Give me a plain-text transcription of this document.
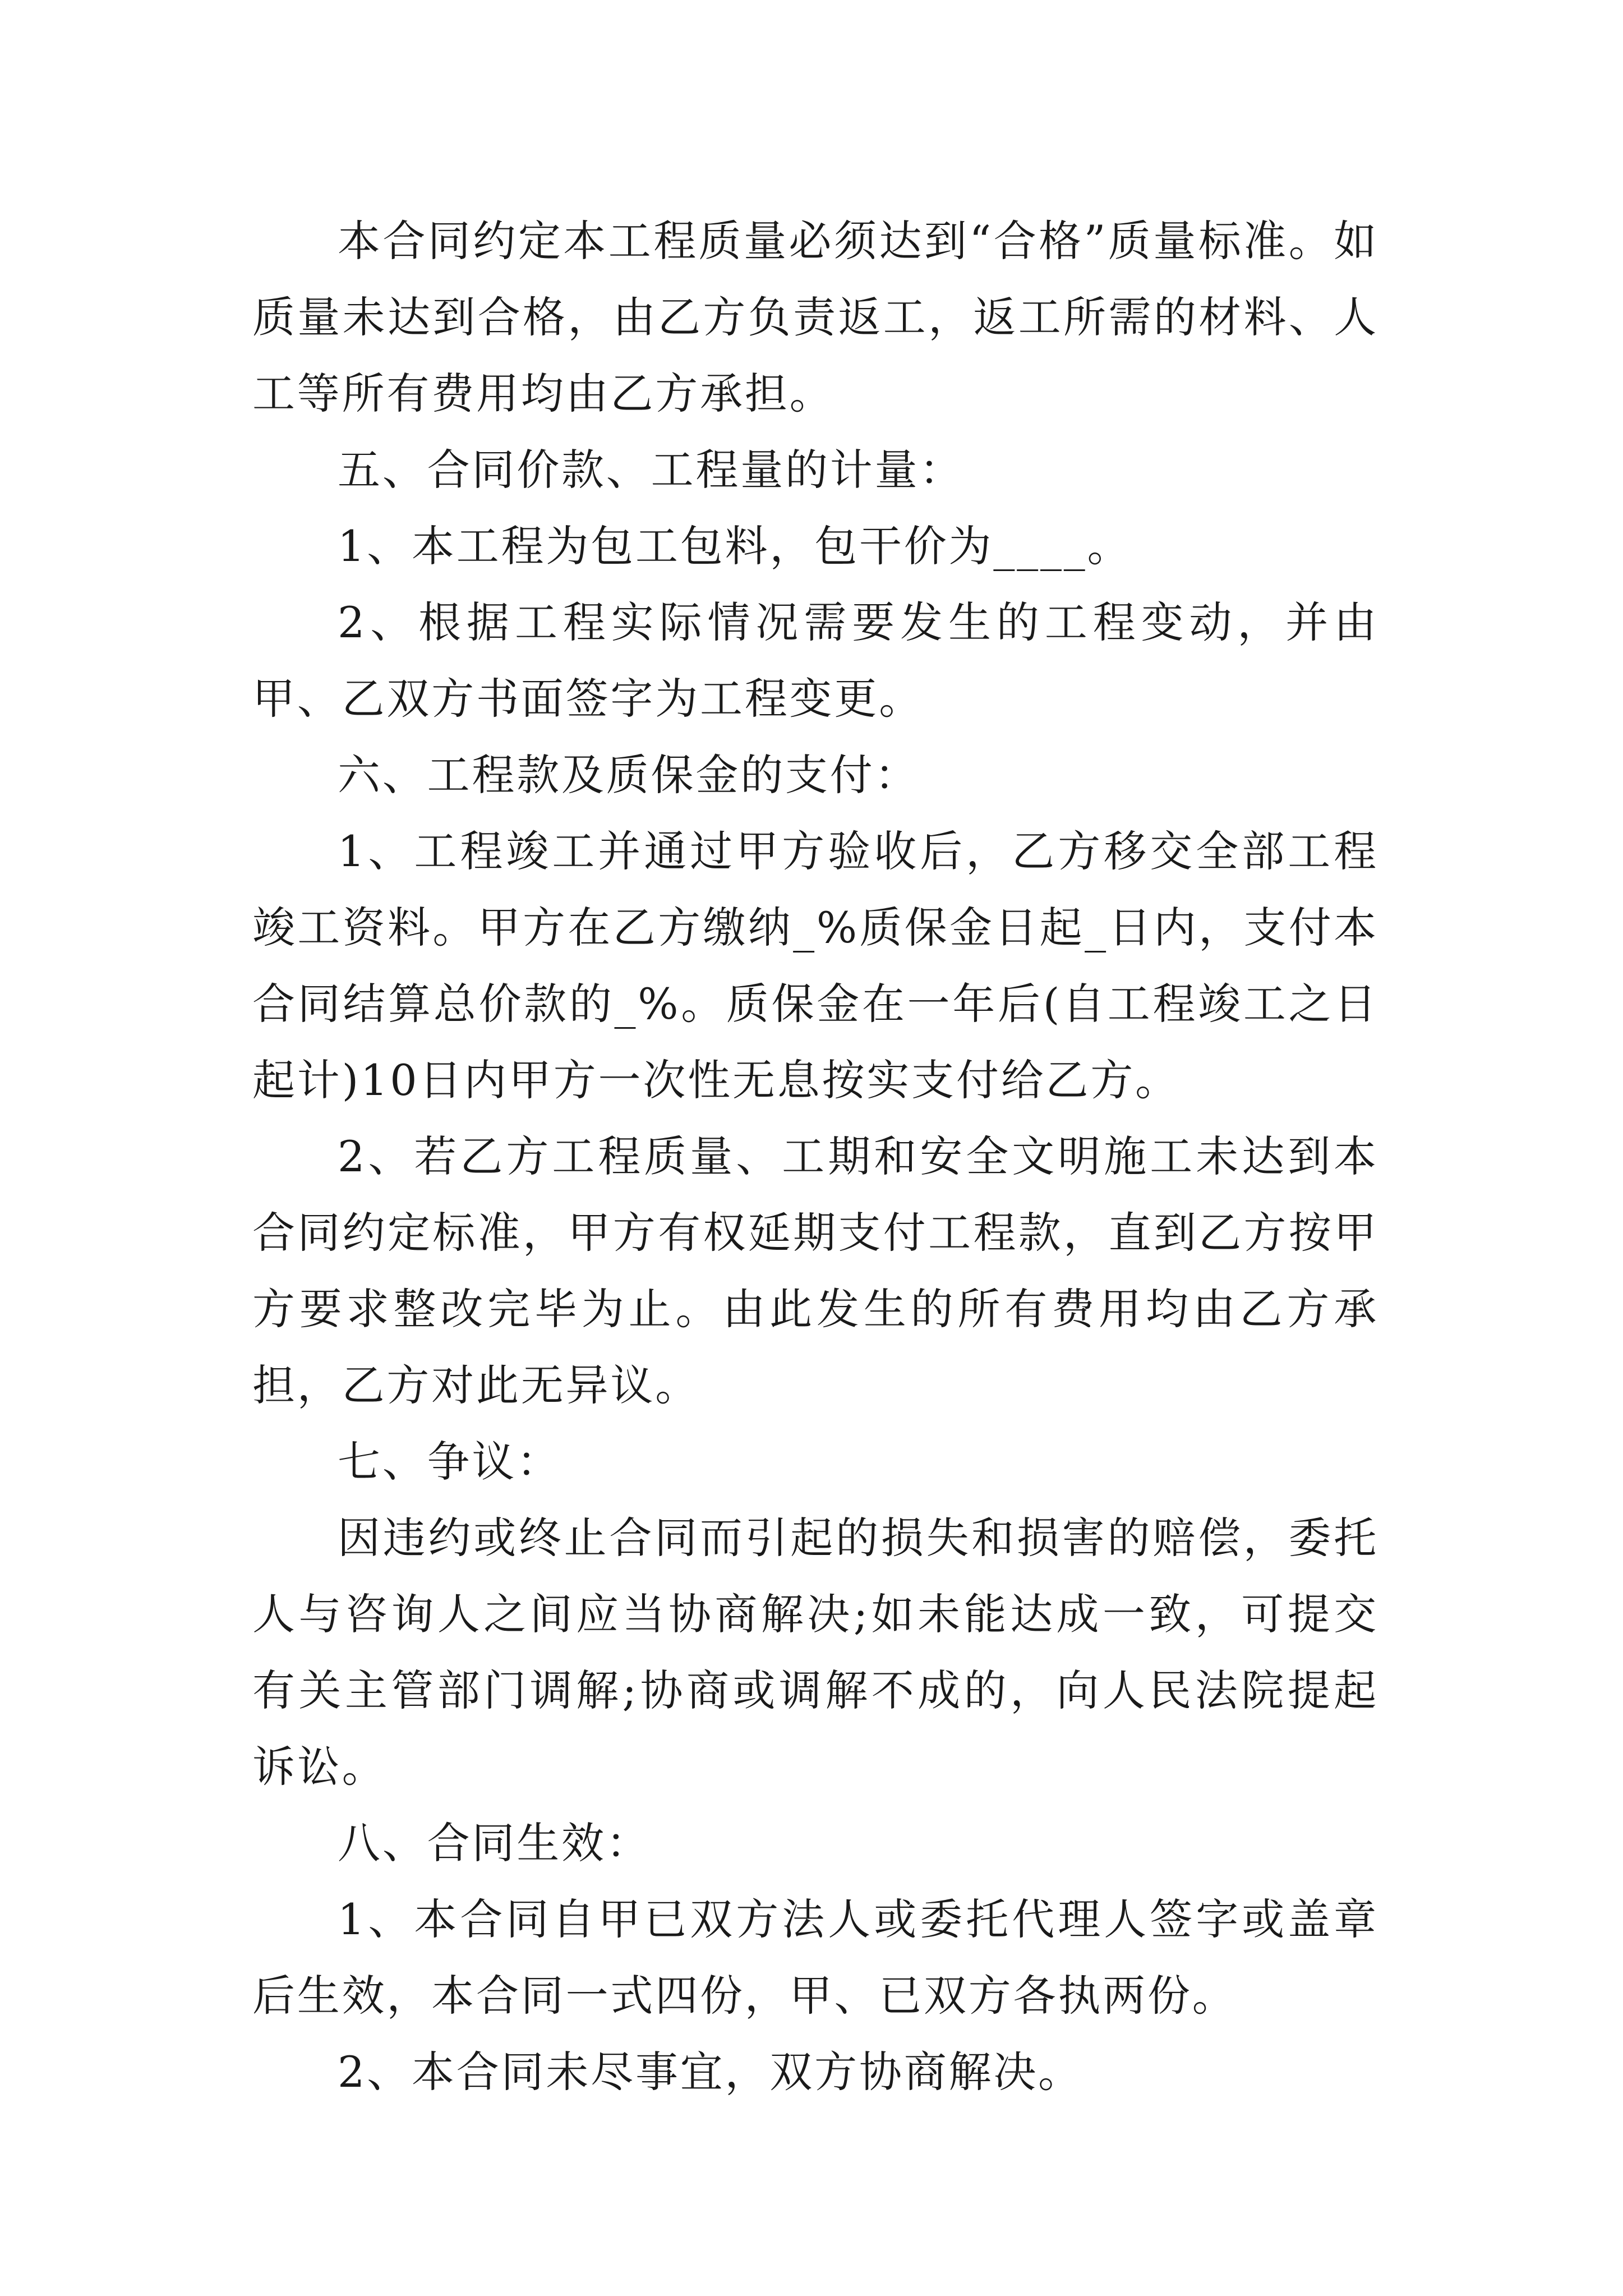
本合同约定本工程质量必须达到“合格”质量标准。如质量未达到合格，由乙方负责返工，返工所需的材料、人工等所有费用均由乙方承担。

五、合同价款、工程量的计量：

1、本工程为包工包料，包干价为____。

2、根据工程实际情况需要发生的工程变动，并由甲、乙双方书面签字为工程变更。

六、工程款及质保金的支付：

1、工程竣工并通过甲方验收后，乙方移交全部工程竣工资料。甲方在乙方缴纳_%质保金日起_日内，支付本合同结算总价款的_%。质保金在一年后(自工程竣工之日起计)10日内甲方一次性无息按实支付给乙方。

2、若乙方工程质量、工期和安全文明施工未达到本合同约定标准，甲方有权延期支付工程款，直到乙方按甲方要求整改完毕为止。由此发生的所有费用均由乙方承担，乙方对此无异议。

七、争议：

因违约或终止合同而引起的损失和损害的赔偿，委托人与咨询人之间应当协商解决;如未能达成一致，可提交有关主管部门调解;协商或调解不成的，向人民法院提起诉讼。

八、合同生效：

1、本合同自甲已双方法人或委托代理人签字或盖章后生效，本合同一式四份，甲、已双方各执两份。

2、本合同未尽事宜，双方协商解决。
